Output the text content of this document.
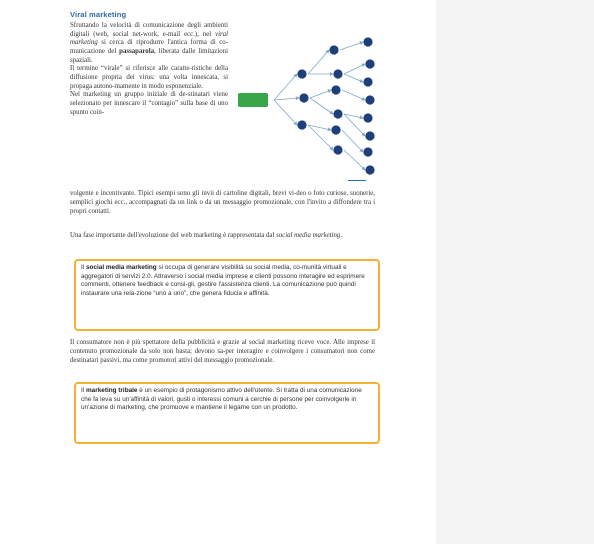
Viral marketing

Sfruttando la velocità di comunicazione degli ambienti digitali (web, social net-work, e-mail ecc.), nel viral marketing si cerca di riprodurre l'antica forma di co-municazione del passaparola, liberata dalle limitazioni spaziali.

Il termine “virale” si riferisce alle caratte-ristiche della diffusione propria dei virus: una volta innescata, si propaga autono-mamente in modo esponenziale.

Nel marketing un gruppo iniziale di de-stinatari viene selezionato per innescare il “contagio” sulla base di uno spunto coin-

volgente e incentivante. Tipici esempi sono gli invii di cartoline digitali, brevi vi-deo o foto curiose, suonerie, semplici giochi ecc., accompagnati da un link o da un messaggio promozionale, con l'invito a diffondere tra i propri contatti.

Una fase importante dell'evoluzione del web marketing è rappresentata dal social media marketing.

Il social media marketing si occupa di generare visibilità su social media, co-munità virtuali e aggregatori di servizi 2.0. Attraverso i social media imprese e clienti possono interagire ed esprimere commenti, ottenere feedback e consi-gli, gestire l'assistenza clienti. La comunicazione può quindi instaurare una rela-zione “uno a uno”, che genera fiducia e affinità.

Il consumatore non è più spettatore della pubblicità e grazie al social marketing riceve voce. Alle imprese il contenuto promozionale da solo non basta; devono sa-per interagire e coinvolgere i consumatori non come destinatari passivi, ma come promotori attivi del messaggio promozionale.

Il marketing tribale è un esempio di protagonismo attivo dell'utente. Si tratta di una comunicazione che fa leva su un'affinità di valori, gusti o interessi comuni a cerchie di persone per coinvolgerle in un'azione di marketing, che promuove e mantiene il legame con un prodotto.
